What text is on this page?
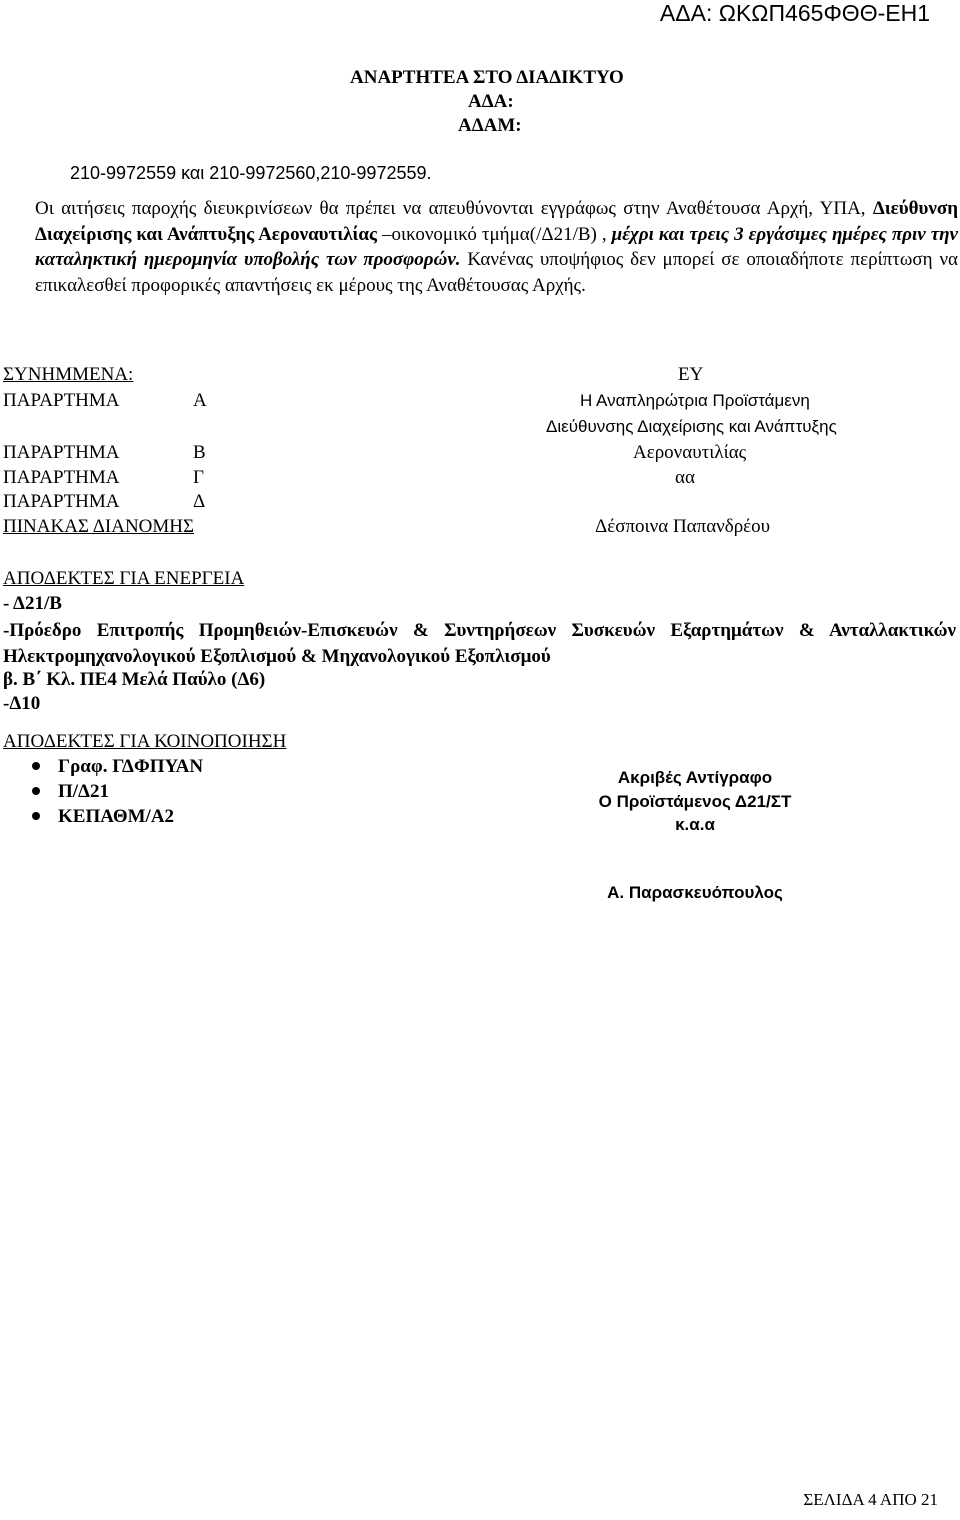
ΑΔΑ: ΩΚΩΠ465ΦΘΘ-ΕΗ1
ΑΝΑΡΤΗΤΕΑ ΣΤΟ ΔΙΑΔΙΚΤΥΟ
ΑΔΑ:
ΑΔΑΜ:
210-9972559 και 210-9972560,210-9972559.
Οι αιτήσεις παροχής διευκρινίσεων θα πρέπει να απευθύνονται εγγράφως στην Αναθέτουσα Αρχή, ΥΠΑ, Διεύθυνση Διαχείρισης και Ανάπτυξης Αεροναυτιλίας –οικονομικό τμήμα(/Δ21/Β) , μέχρι και τρεις 3 εργάσιμες ημέρες πριν την καταληκτική ημερομηνία υποβολής των προσφορών. Κανένας υποψήφιος δεν μπορεί σε οποιαδήποτε περίπτωση να επικαλεσθεί προφορικές απαντήσεις εκ μέρους της Αναθέτουσας Αρχής.
ΣΥΝΗΜΜΕΝΑ:
ΠΑΡΑΡΤΗΜΑ	Α
ΠΑΡΑΡΤΗΜΑ	Β
ΠΑΡΑΡΤΗΜΑ	Γ
ΠΑΡΑΡΤΗΜΑ	Δ
ΠΙΝΑΚΑΣ ΔΙΑΝΟΜΗΣ
ΕΥ
Η Αναπληρώτρια Προϊστάμενη
Διεύθυνσης Διαχείρισης και Ανάπτυξης
Αεροναυτιλίας
αα
Δέσποινα Παπανδρέου
ΑΠΟΔΕΚΤΕΣ ΓΙΑ ΕΝΕΡΓΕΙΑ
- Δ21/Β
-Πρόεδρο Επιτροπής Προμηθειών-Επισκευών & Συντηρήσεων Συσκευών Εξαρτημάτων & Ανταλλακτικών Ηλεκτρομηχανολογικού Εξοπλισμού & Μηχανολογικού Εξοπλισμού
β. Β΄ Κλ. ΠΕ4 Μελά Παύλο (Δ6)
-Δ10
ΑΠΟΔΕΚΤΕΣ ΓΙΑ ΚΟΙΝΟΠΟΙΗΣΗ
Γραφ. ΓΔΦΠΥΑΝ
Π/Δ21
ΚΕΠΑΘΜ/Α2
Ακριβές Αντίγραφο
Ο Προϊστάμενος Δ21/ΣΤ
κ.α.α
Α. Παρασκευόπουλος
ΣΕΛΙΔΑ 4 ΑΠΟ 21
